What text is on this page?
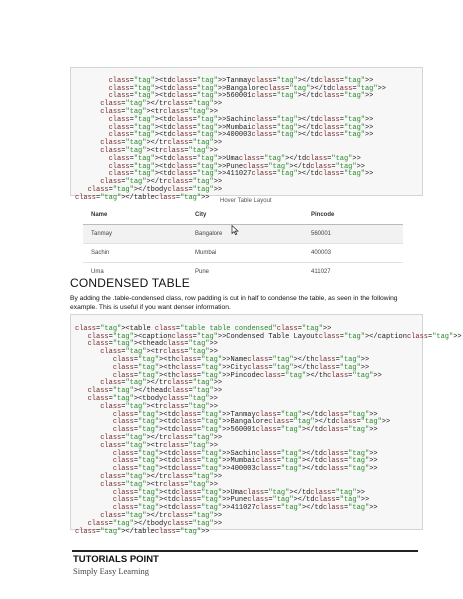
class="tag"><tdclass="tag">>Tanmayclass="tag"></tdclass="tag">>
class="tag"><tdclass="tag">>Bangaloreclass="tag"></tdclass="tag">>
class="tag"><tdclass="tag">>560001class="tag"></tdclass="tag">>
class="tag"></trclass="tag">>
class="tag"><trclass="tag">>
class="tag"><tdclass="tag">>Sachinclass="tag"></tdclass="tag">>
class="tag"><tdclass="tag">>Mumbaiclass="tag"></tdclass="tag">>
class="tag"><tdclass="tag">>400003class="tag"></tdclass="tag">>
class="tag"></trclass="tag">>
class="tag"><trclass="tag">>
class="tag"><tdclass="tag">>Umaclass="tag"></tdclass="tag">>
class="tag"><tdclass="tag">>Puneclass="tag"></tdclass="tag">>
class="tag"><tdclass="tag">>411027class="tag"></tdclass="tag">>
class="tag"></trclass="tag">>
class="tag"></tbodyclass="tag">>
class="tag"></tableclass="tag">>	Hover Table Layout
Name	City	Pincode
Tanmay	Bangalore	560001
Sachin	Mumbai	400003
Uma	Pune	411027
CONDENSED TABLE
By adding the .table-condensed class, row padding is cut in half to condense the table, as seen in the following example. This is useful if you want denser information.

class="tag"><table class="table table condensed"class="tag">>
class="tag"><captionclass="tag">>Condensed Table Layoutclass="tag"></captionclass="tag">>
class="tag"><theadclass="tag">>
class="tag"><trclass="tag">>
class="tag"><thclass="tag">>Nameclass="tag"></thclass="tag">>
class="tag"><thclass="tag">>Cityclass="tag"></thclass="tag">>
class="tag"><thclass="tag">>Pincodeclass="tag"></thclass="tag">>
class="tag"></trclass="tag">>
class="tag"></theadclass="tag">>
class="tag"><tbodyclass="tag">>
class="tag"><trclass="tag">>
class="tag"><tdclass="tag">>Tanmayclass="tag"></tdclass="tag">>
class="tag"><tdclass="tag">>Bangaloreclass="tag"></tdclass="tag">>
class="tag"><tdclass="tag">>560001class="tag"></tdclass="tag">>
class="tag"></trclass="tag">>
class="tag"><trclass="tag">>
class="tag"><tdclass="tag">>Sachinclass="tag"></tdclass="tag">>
class="tag"><tdclass="tag">>Mumbaiclass="tag"></tdclass="tag">>
class="tag"><tdclass="tag">>400003class="tag"></tdclass="tag">>
class="tag"></trclass="tag">>
class="tag"><trclass="tag">>
class="tag"><tdclass="tag">>Umaclass="tag"></tdclass="tag">>
class="tag"><tdclass="tag">>Puneclass="tag"></tdclass="tag">>
class="tag"><tdclass="tag">>411027class="tag"></tdclass="tag">>
class="tag"></trclass="tag">>
class="tag"></tbodyclass="tag">>
class="tag"></tableclass="tag">>
TUTORIALS POINT
Simply Easy Learning
